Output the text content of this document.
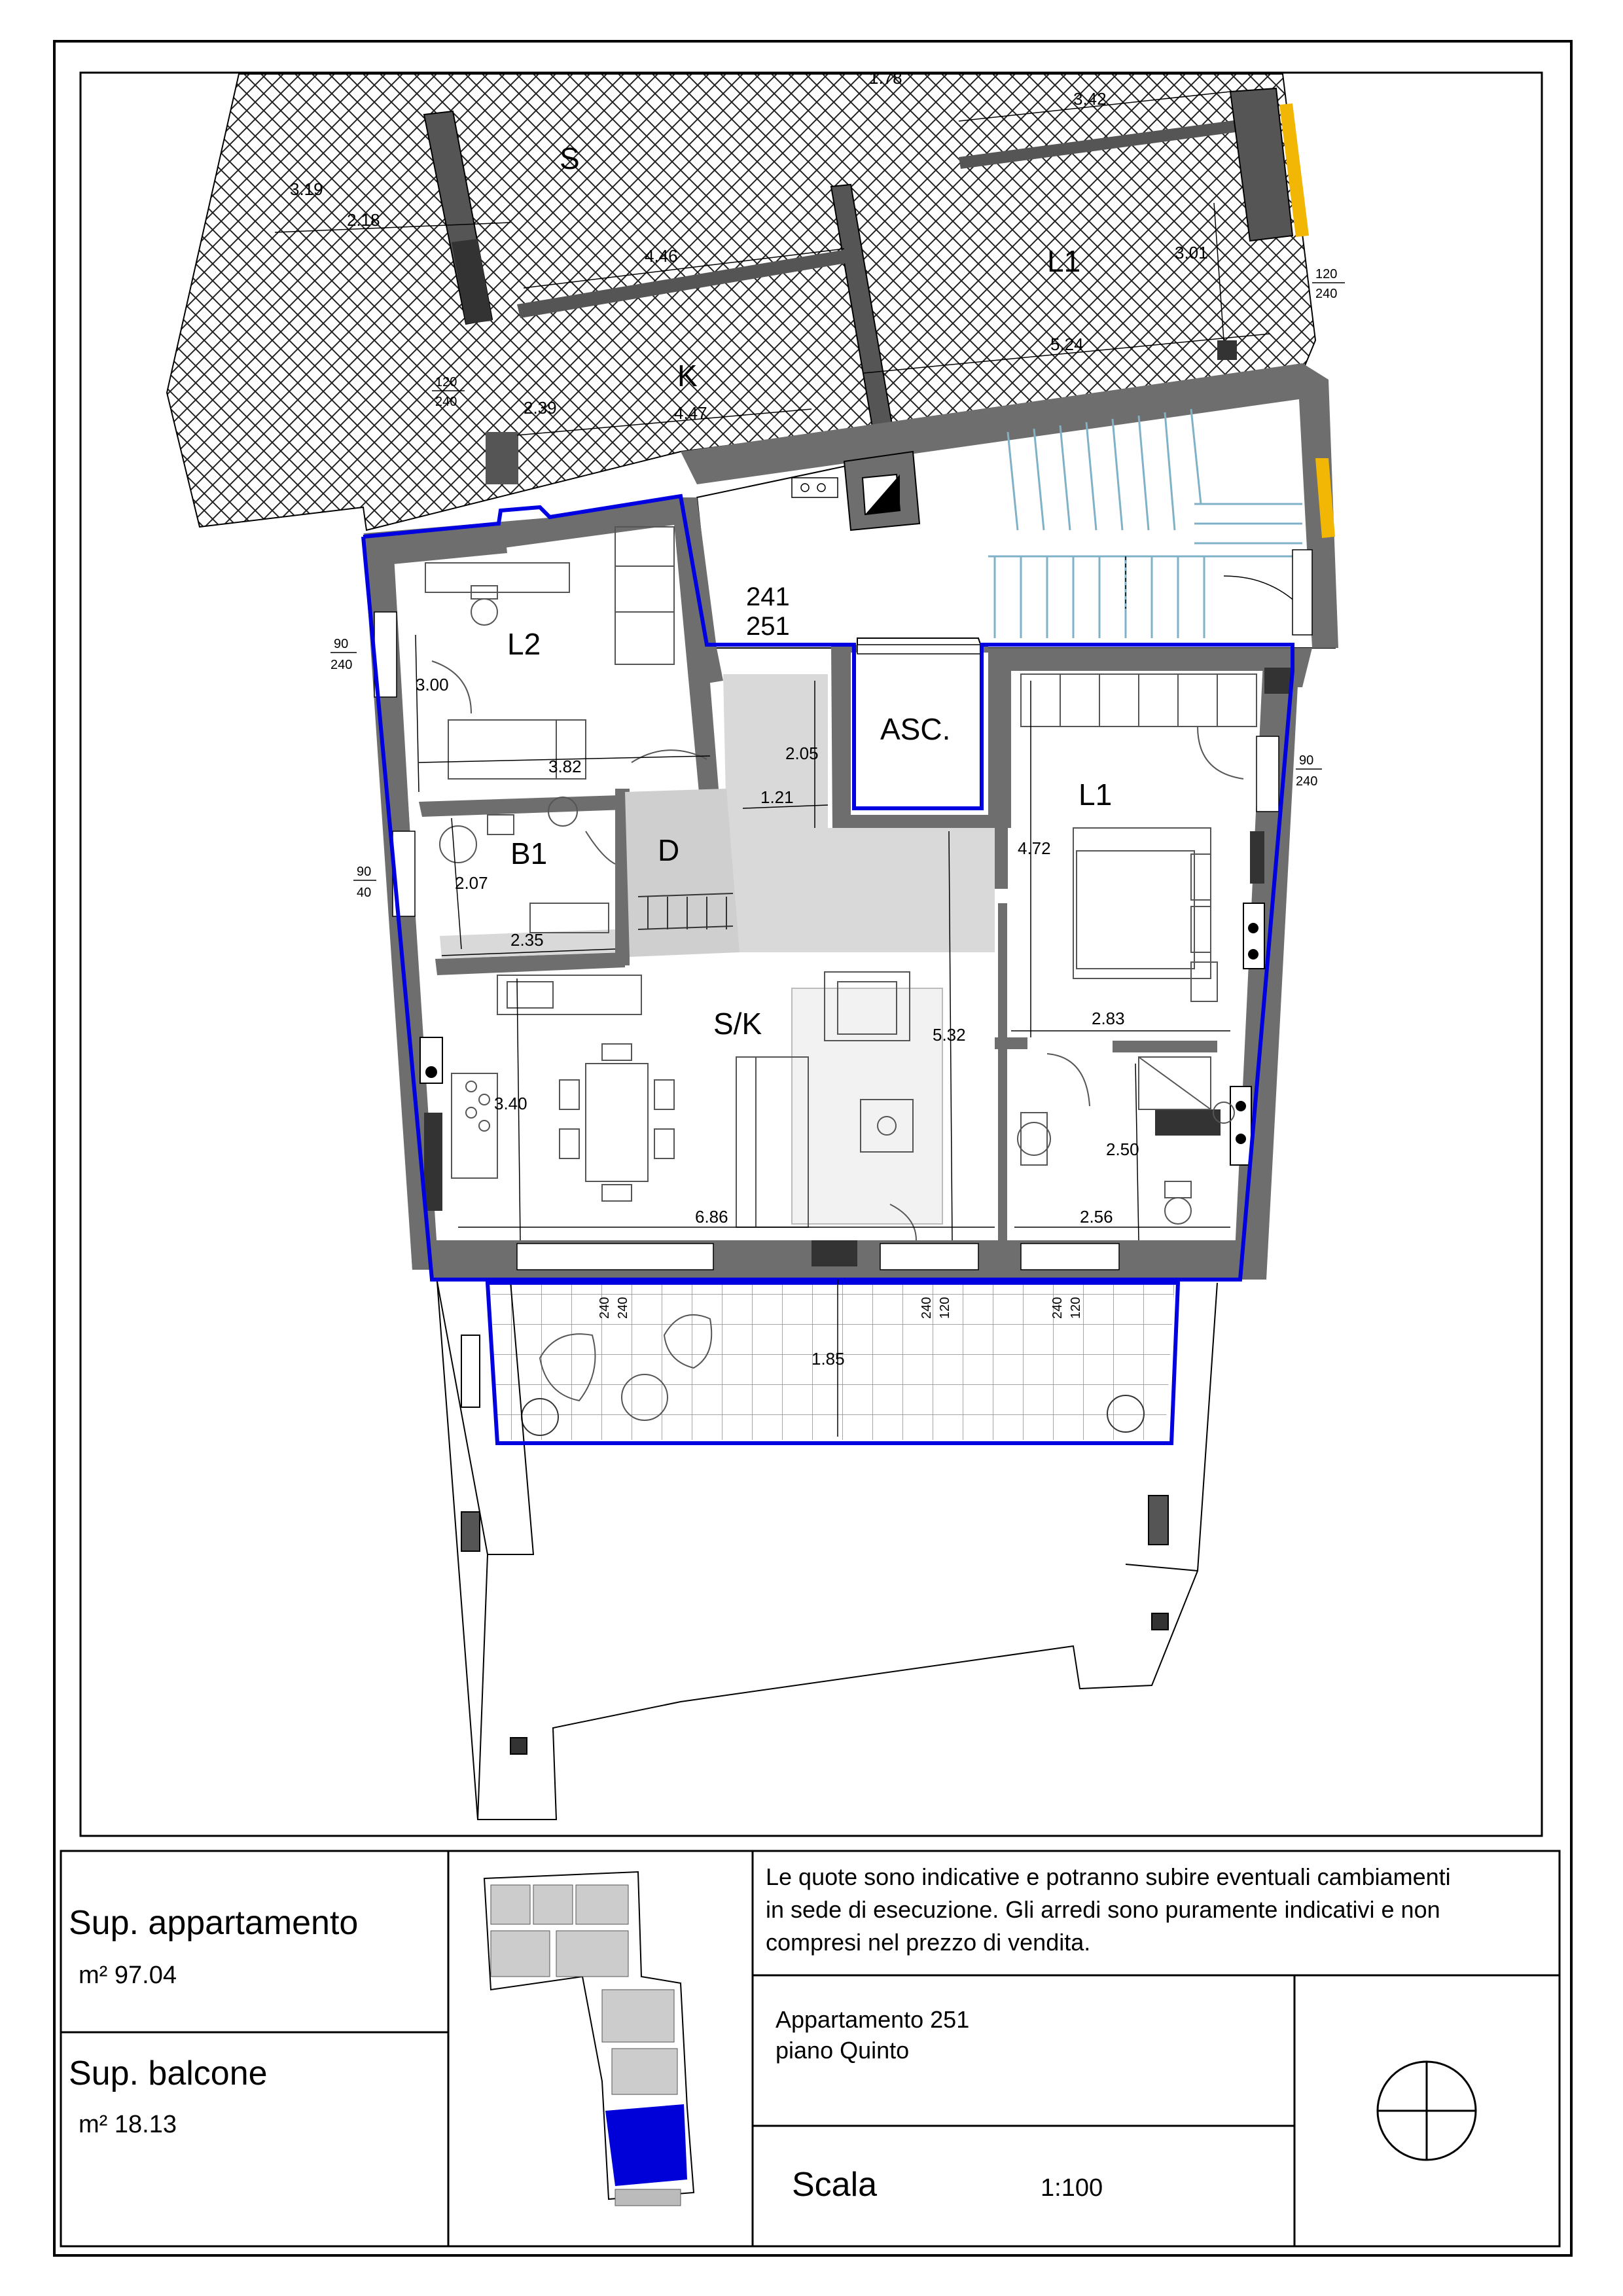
S
K
L1
1.78
3.42
3.19
2.18
4.46	3.01
5.24
2.39	4.47
241
251
L2
B1	D
ASC.
L1
S/K
3.00
3.82
2.05
1.21
2.07
2.35
4.72
2.83
5.32
3.40
6.86
2.50
2.56
1.85
90
240
90
40
90
240
120
240
120
240
240 240	120
240	120
240
Sup. appartamento
m² 97.04
Sup. balcone
m² 18.13
Le quote sono indicative e potranno subire eventuali cambiamenti
in sede di esecuzione. Gli arredi sono puramente indicativi e non
compresi nel prezzo di vendita.
Appartamento 251
piano Quinto
Scala	1:100
